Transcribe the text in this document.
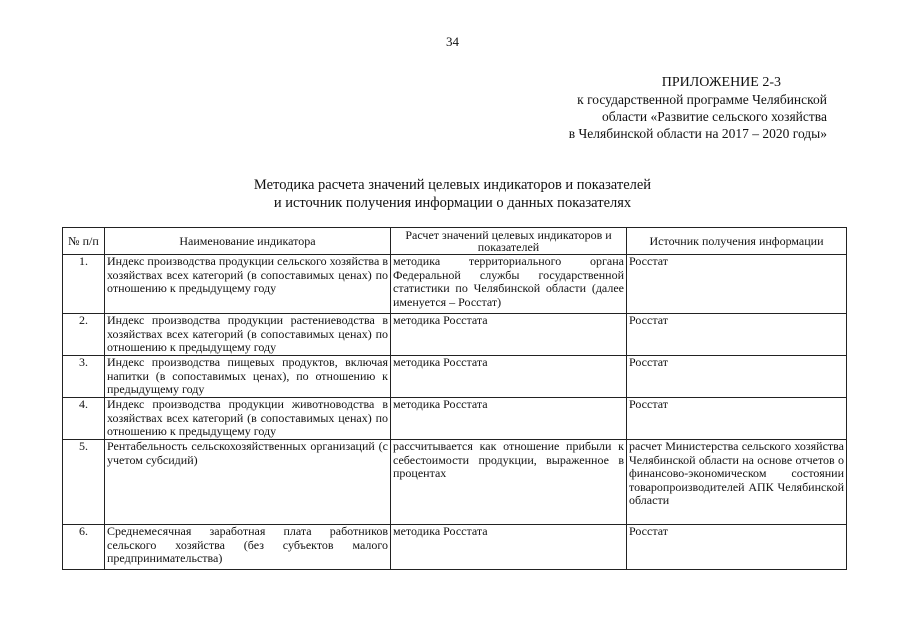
34
ПРИЛОЖЕНИЕ 2-3
к государственной программе Челябинской
области «Развитие сельского хозяйства
в Челябинской области на 2017 – 2020 годы»
Методика расчета значений целевых индикаторов и показателей
и источник получения информации о данных показателях
№ п/п	Наименование индикатора	Расчет значений целевых индикаторов и показателей	Источник получения информации
1.	Индекс производства продукции сельского хозяйства в хозяйствах всех категорий (в сопоставимых ценах) по отношению к предыдущему году	методика территориального органа Федеральной службы государственной статистики по Челябинской области (далее именуется – Росстат)	Росстат
2.	Индекс производства продукции растениеводства в хозяйствах всех категорий (в сопоставимых ценах) по отношению к предыдущему году	методика Росстата	Росстат
3.	Индекс производства пищевых продуктов, включая напитки (в сопоставимых ценах), по отношению к предыдущему году	методика Росстата	Росстат
4.	Индекс производства продукции животноводства в хозяйствах всех категорий (в сопоставимых ценах) по отношению к предыдущему году	методика Росстата	Росстат
5.	Рентабельность сельскохозяйственных организаций (с учетом субсидий)	рассчитывается как отношение прибыли к себестоимости продукции, выраженное в процентах	расчет Министерства сельского хозяйства Челябинской области на основе отчетов о финансово-экономическом состоянии товаропроизводителей АПК Челябинской области
6.	Среднемесячная заработная плата работников сельского хозяйства (без субъектов малого предпринимательства)	методика Росстата	Росстат
